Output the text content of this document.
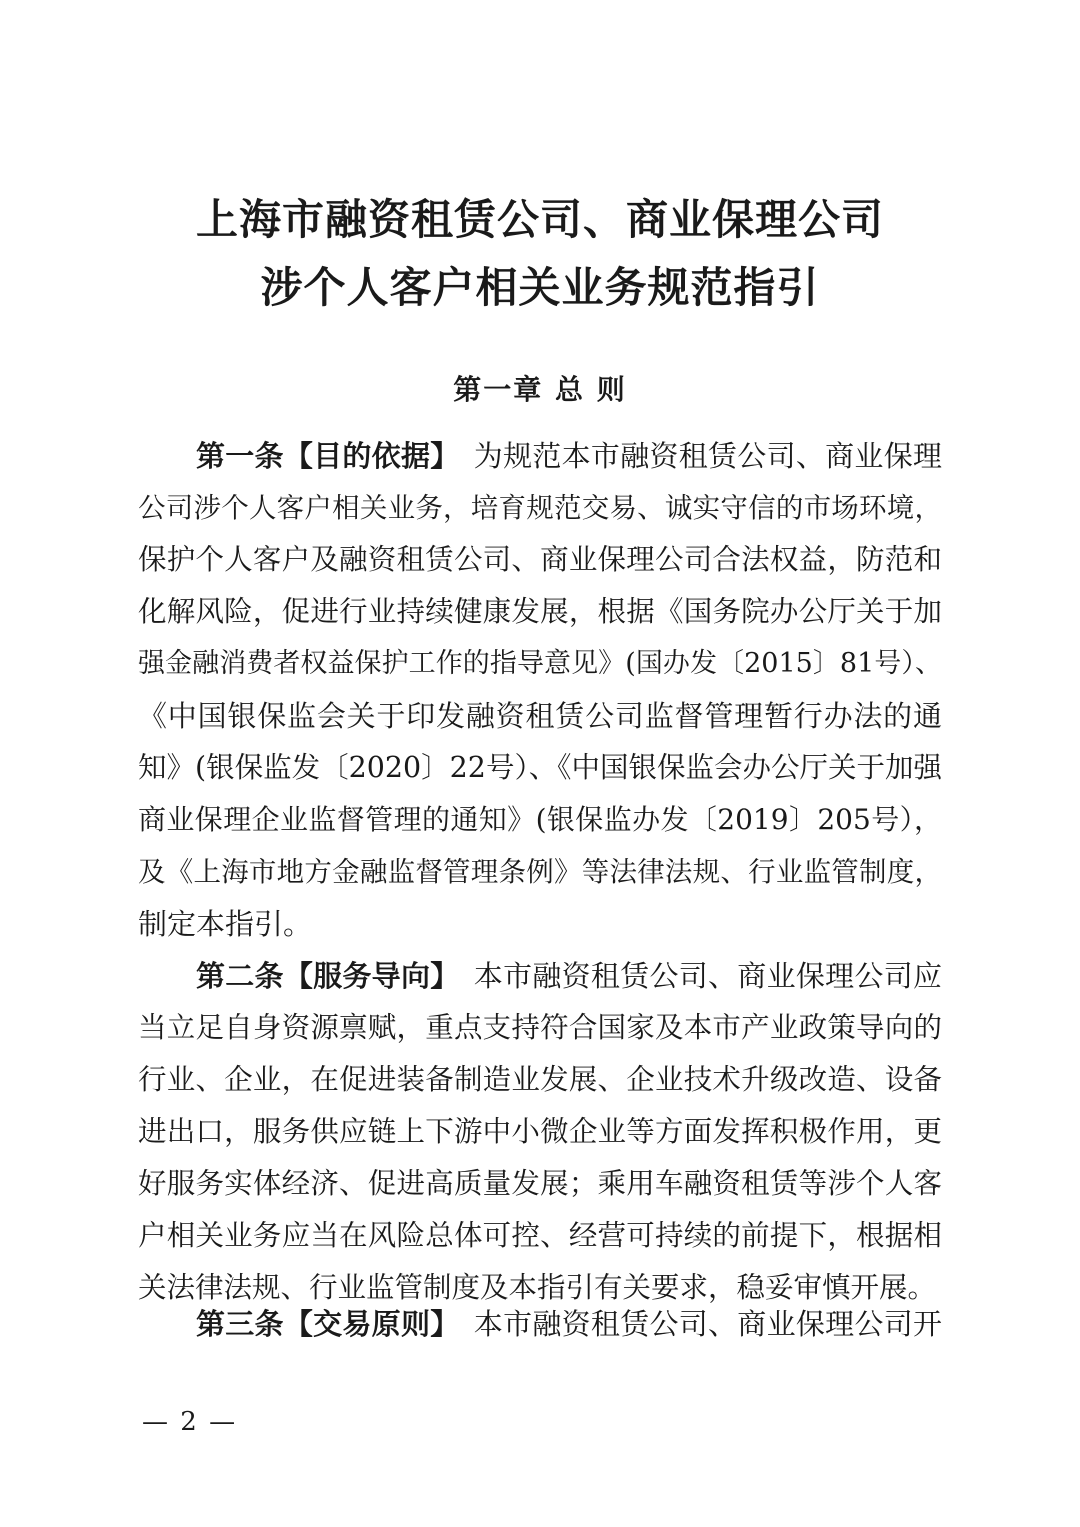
上海市融资租赁公司、商业保理公司
涉个人客户相关业务规范指引
第一章 总 则
第一条【目的依据】 为规范本市融资租赁公司、商业保理
公司涉个人客户相关业务，培育规范交易、诚实守信的市场环境，
保护个人客户及融资租赁公司、商业保理公司合法权益，防范和
化解风险，促进行业持续健康发展，根据《国务院办公厅关于加
强金融消费者权益保护工作的指导意见》(国办发〔2015〕81号）、
《中国银保监会关于印发融资租赁公司监督管理暂行办法的通
知》(银保监发〔2020〕22号）、《中国银保监会办公厅关于加强
商业保理企业监督管理的通知》(银保监办发〔2019〕205号），
及《上海市地方金融监督管理条例》等法律法规、行业监管制度，
制定本指引。
第二条【服务导向】 本市融资租赁公司、商业保理公司应
当立足自身资源禀赋，重点支持符合国家及本市产业政策导向的
行业、企业，在促进装备制造业发展、企业技术升级改造、设备
进出口，服务供应链上下游中小微企业等方面发挥积极作用，更
好服务实体经济、促进高质量发展；乘用车融资租赁等涉个人客
户相关业务应当在风险总体可控、经营可持续的前提下，根据相
关法律法规、行业监管制度及本指引有关要求，稳妥审慎开展。
第三条【交易原则】 本市融资租赁公司、商业保理公司开
— 2 —
